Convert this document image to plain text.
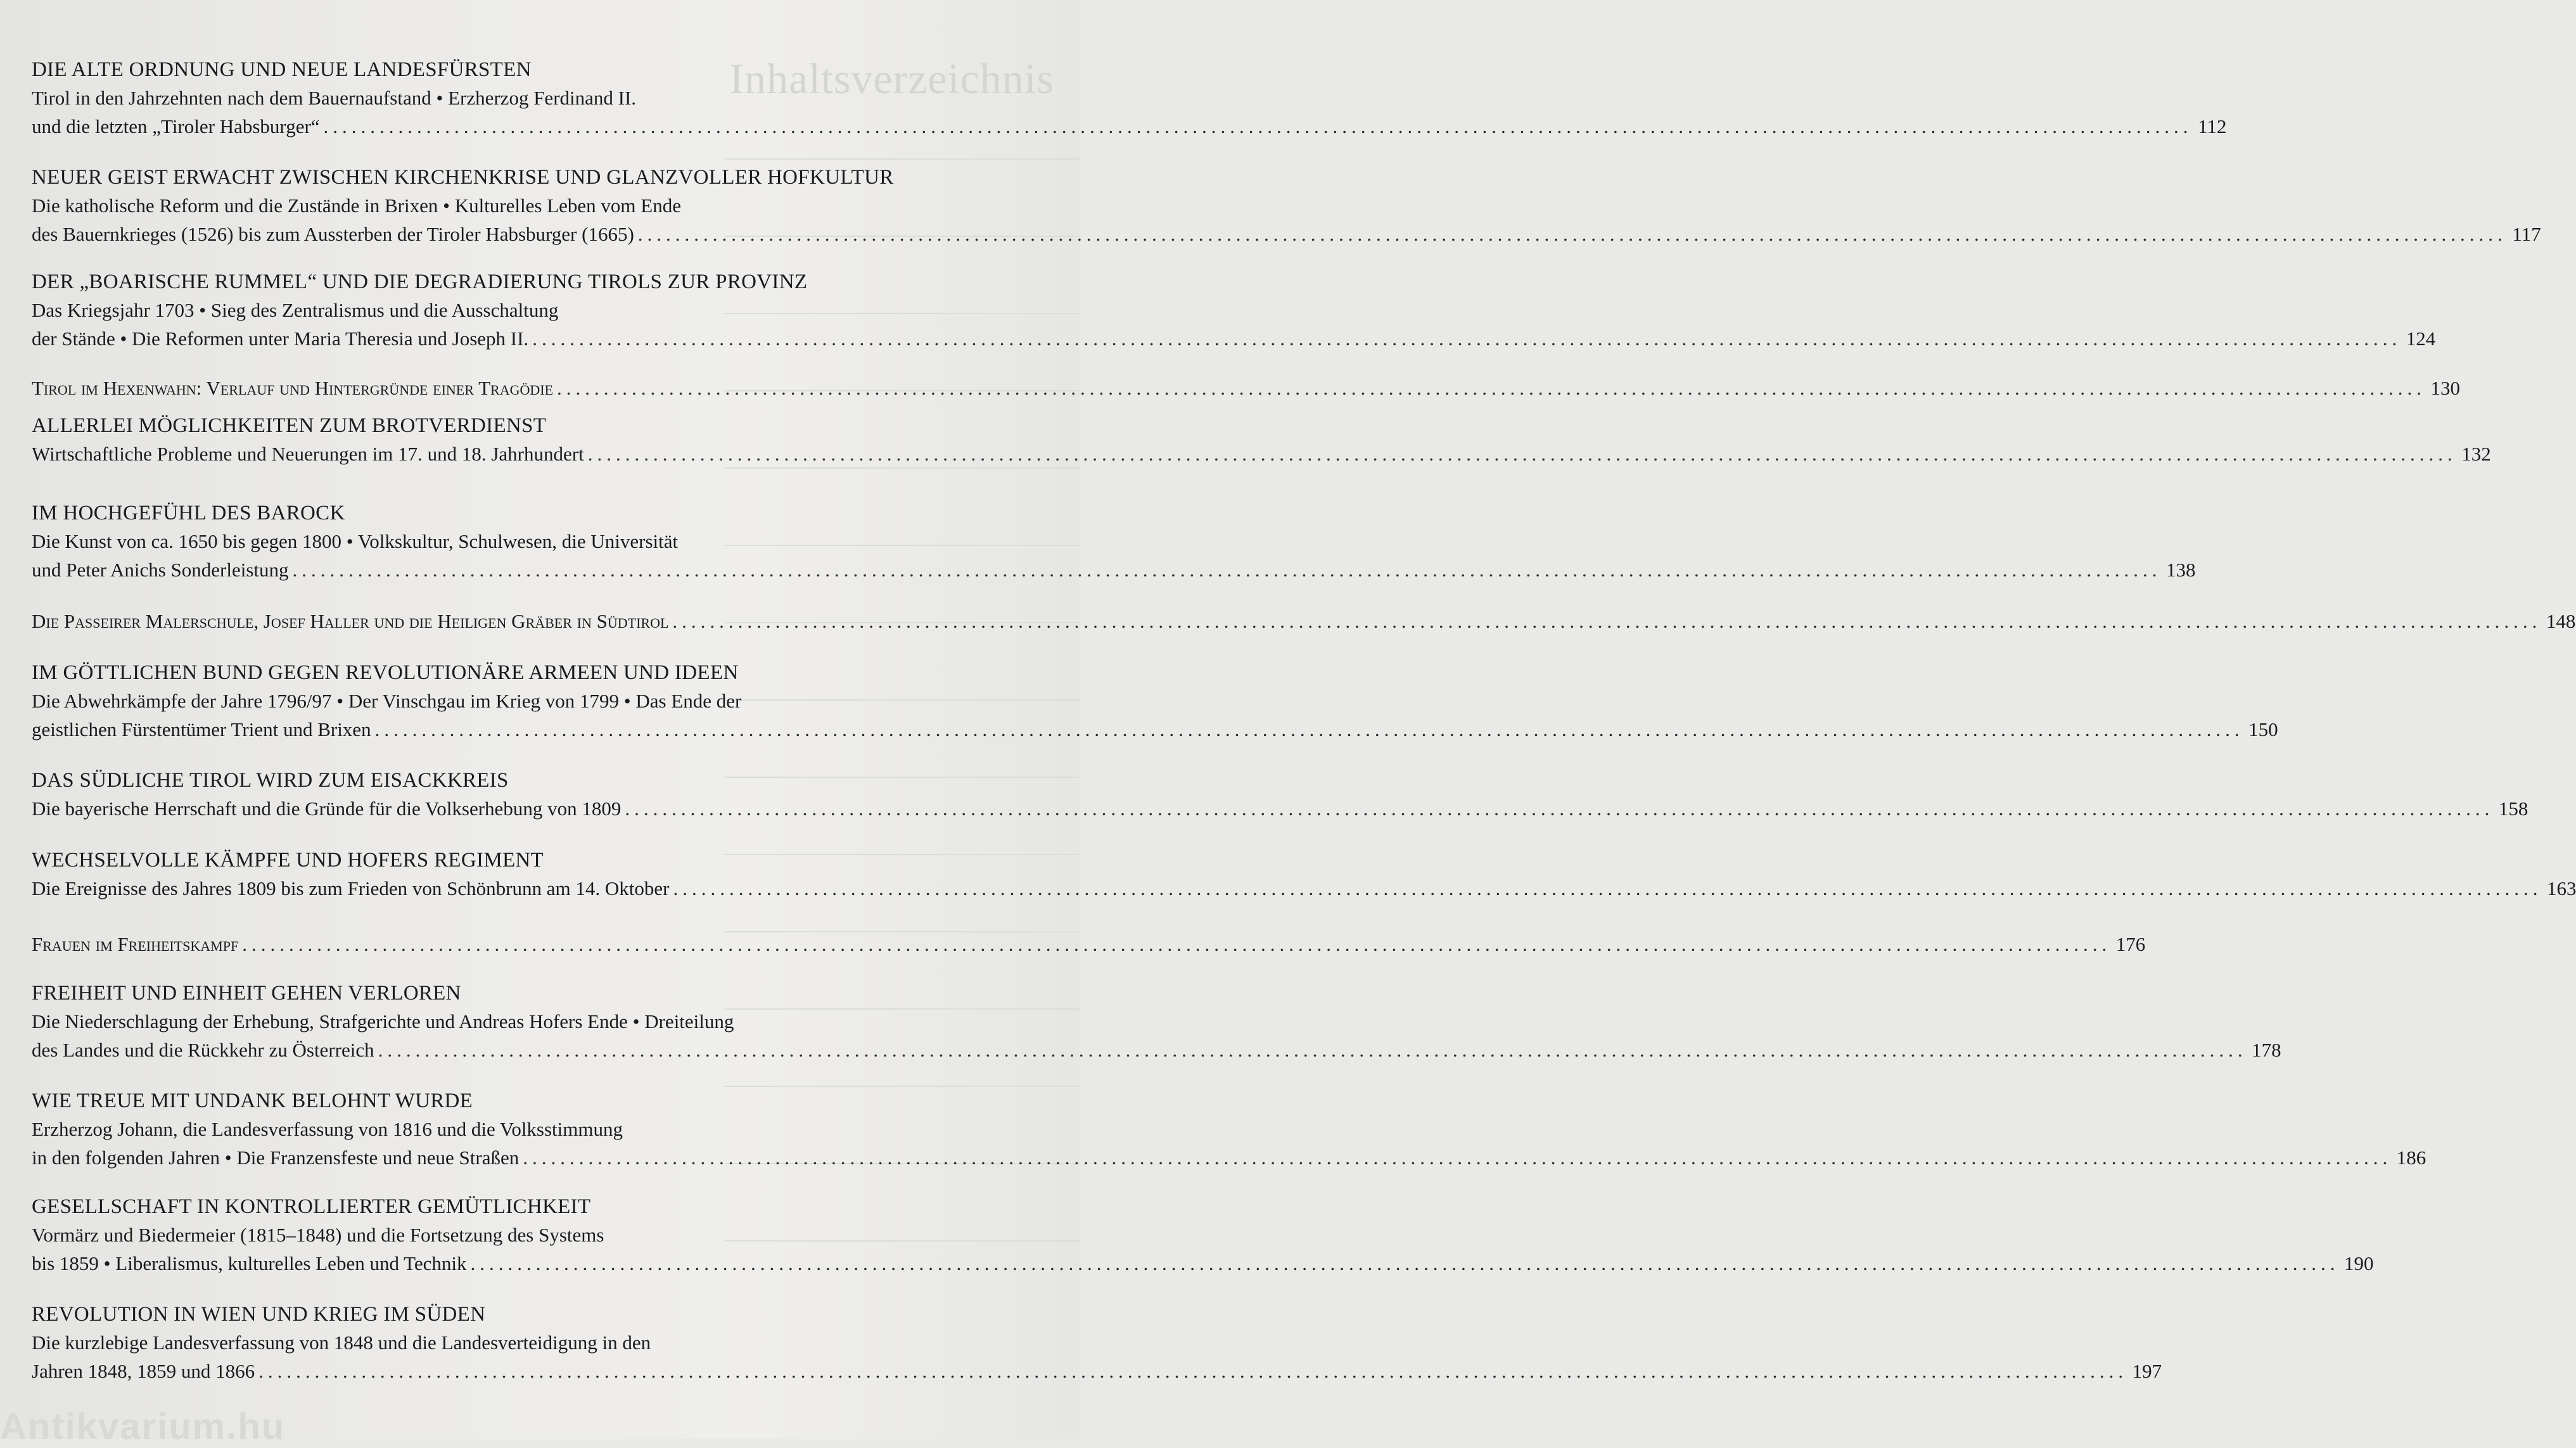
Inhaltsverzeichnis
DIE ALTE ORDNUNG UND NEUE LANDESFÜRSTEN
Tirol in den Jahrzehnten nach dem Bauernaufstand • Erzherzog Ferdinand II.
und die letzten „Tiroler Habsburger“ ........................................................................................................................................................................................................ 112
NEUER GEIST ERWACHT ZWISCHEN KIRCHENKRISE UND GLANZVOLLER HOFKULTUR
Die katholische Reform und die Zustände in Brixen • Kulturelles Leben vom Ende
des Bauernkrieges (1526) bis zum Aussterben der Tiroler Habsburger (1665) ........................................................................................................................................................................................................ 117
DER „BOARISCHE RUMMEL“ UND DIE DEGRADIERUNG TIROLS ZUR PROVINZ
Das Kriegsjahr 1703 • Sieg des Zentralismus und die Ausschaltung
der Stände • Die Reformen unter Maria Theresia und Joseph II. ........................................................................................................................................................................................................ 124
Tirol im Hexenwahn: Verlauf und Hintergründe einer Tragödie ........................................................................................................................................................................................................ 130
ALLERLEI MÖGLICHKEITEN ZUM BROTVERDIENST
Wirtschaftliche Probleme und Neuerungen im 17. und 18. Jahrhundert ........................................................................................................................................................................................................ 132
IM HOCHGEFÜHL DES BAROCK
Die Kunst von ca. 1650 bis gegen 1800 • Volkskultur, Schulwesen, die Universität
und Peter Anichs Sonderleistung ........................................................................................................................................................................................................ 138
Die Passeirer Malerschule, Josef Haller und die Heiligen Gräber in Südtirol ........................................................................................................................................................................................................ 148
IM GÖTTLICHEN BUND GEGEN REVOLUTIONÄRE ARMEEN UND IDEEN
Die Abwehrkämpfe der Jahre 1796/97 • Der Vinschgau im Krieg von 1799 • Das Ende der
geistlichen Fürstentümer Trient und Brixen ........................................................................................................................................................................................................ 150
DAS SÜDLICHE TIROL WIRD ZUM EISACKKREIS
Die bayerische Herrschaft und die Gründe für die Volkserhebung von 1809 ........................................................................................................................................................................................................ 158
WECHSELVOLLE KÄMPFE UND HOFERS REGIMENT
Die Ereignisse des Jahres 1809 bis zum Frieden von Schönbrunn am 14. Oktober ........................................................................................................................................................................................................ 163
Frauen im Freiheitskampf ........................................................................................................................................................................................................ 176
FREIHEIT UND EINHEIT GEHEN VERLOREN
Die Niederschlagung der Erhebung, Strafgerichte und Andreas Hofers Ende • Dreiteilung
des Landes und die Rückkehr zu Österreich ........................................................................................................................................................................................................ 178
WIE TREUE MIT UNDANK BELOHNT WURDE
Erzherzog Johann, die Landesverfassung von 1816 und die Volksstimmung
in den folgenden Jahren • Die Franzensfeste und neue Straßen ........................................................................................................................................................................................................ 186
GESELLSCHAFT IN KONTROLLIERTER GEMÜTLICHKEIT
Vormärz und Biedermeier (1815–1848) und die Fortsetzung des Systems
bis 1859 • Liberalismus, kulturelles Leben und Technik ........................................................................................................................................................................................................ 190
REVOLUTION IN WIEN UND KRIEG IM SÜDEN
Die kurzlebige Landesverfassung von 1848 und die Landesverteidigung in den
Jahren 1848, 1859 und 1866 ........................................................................................................................................................................................................ 197
Antikvarium.hu
